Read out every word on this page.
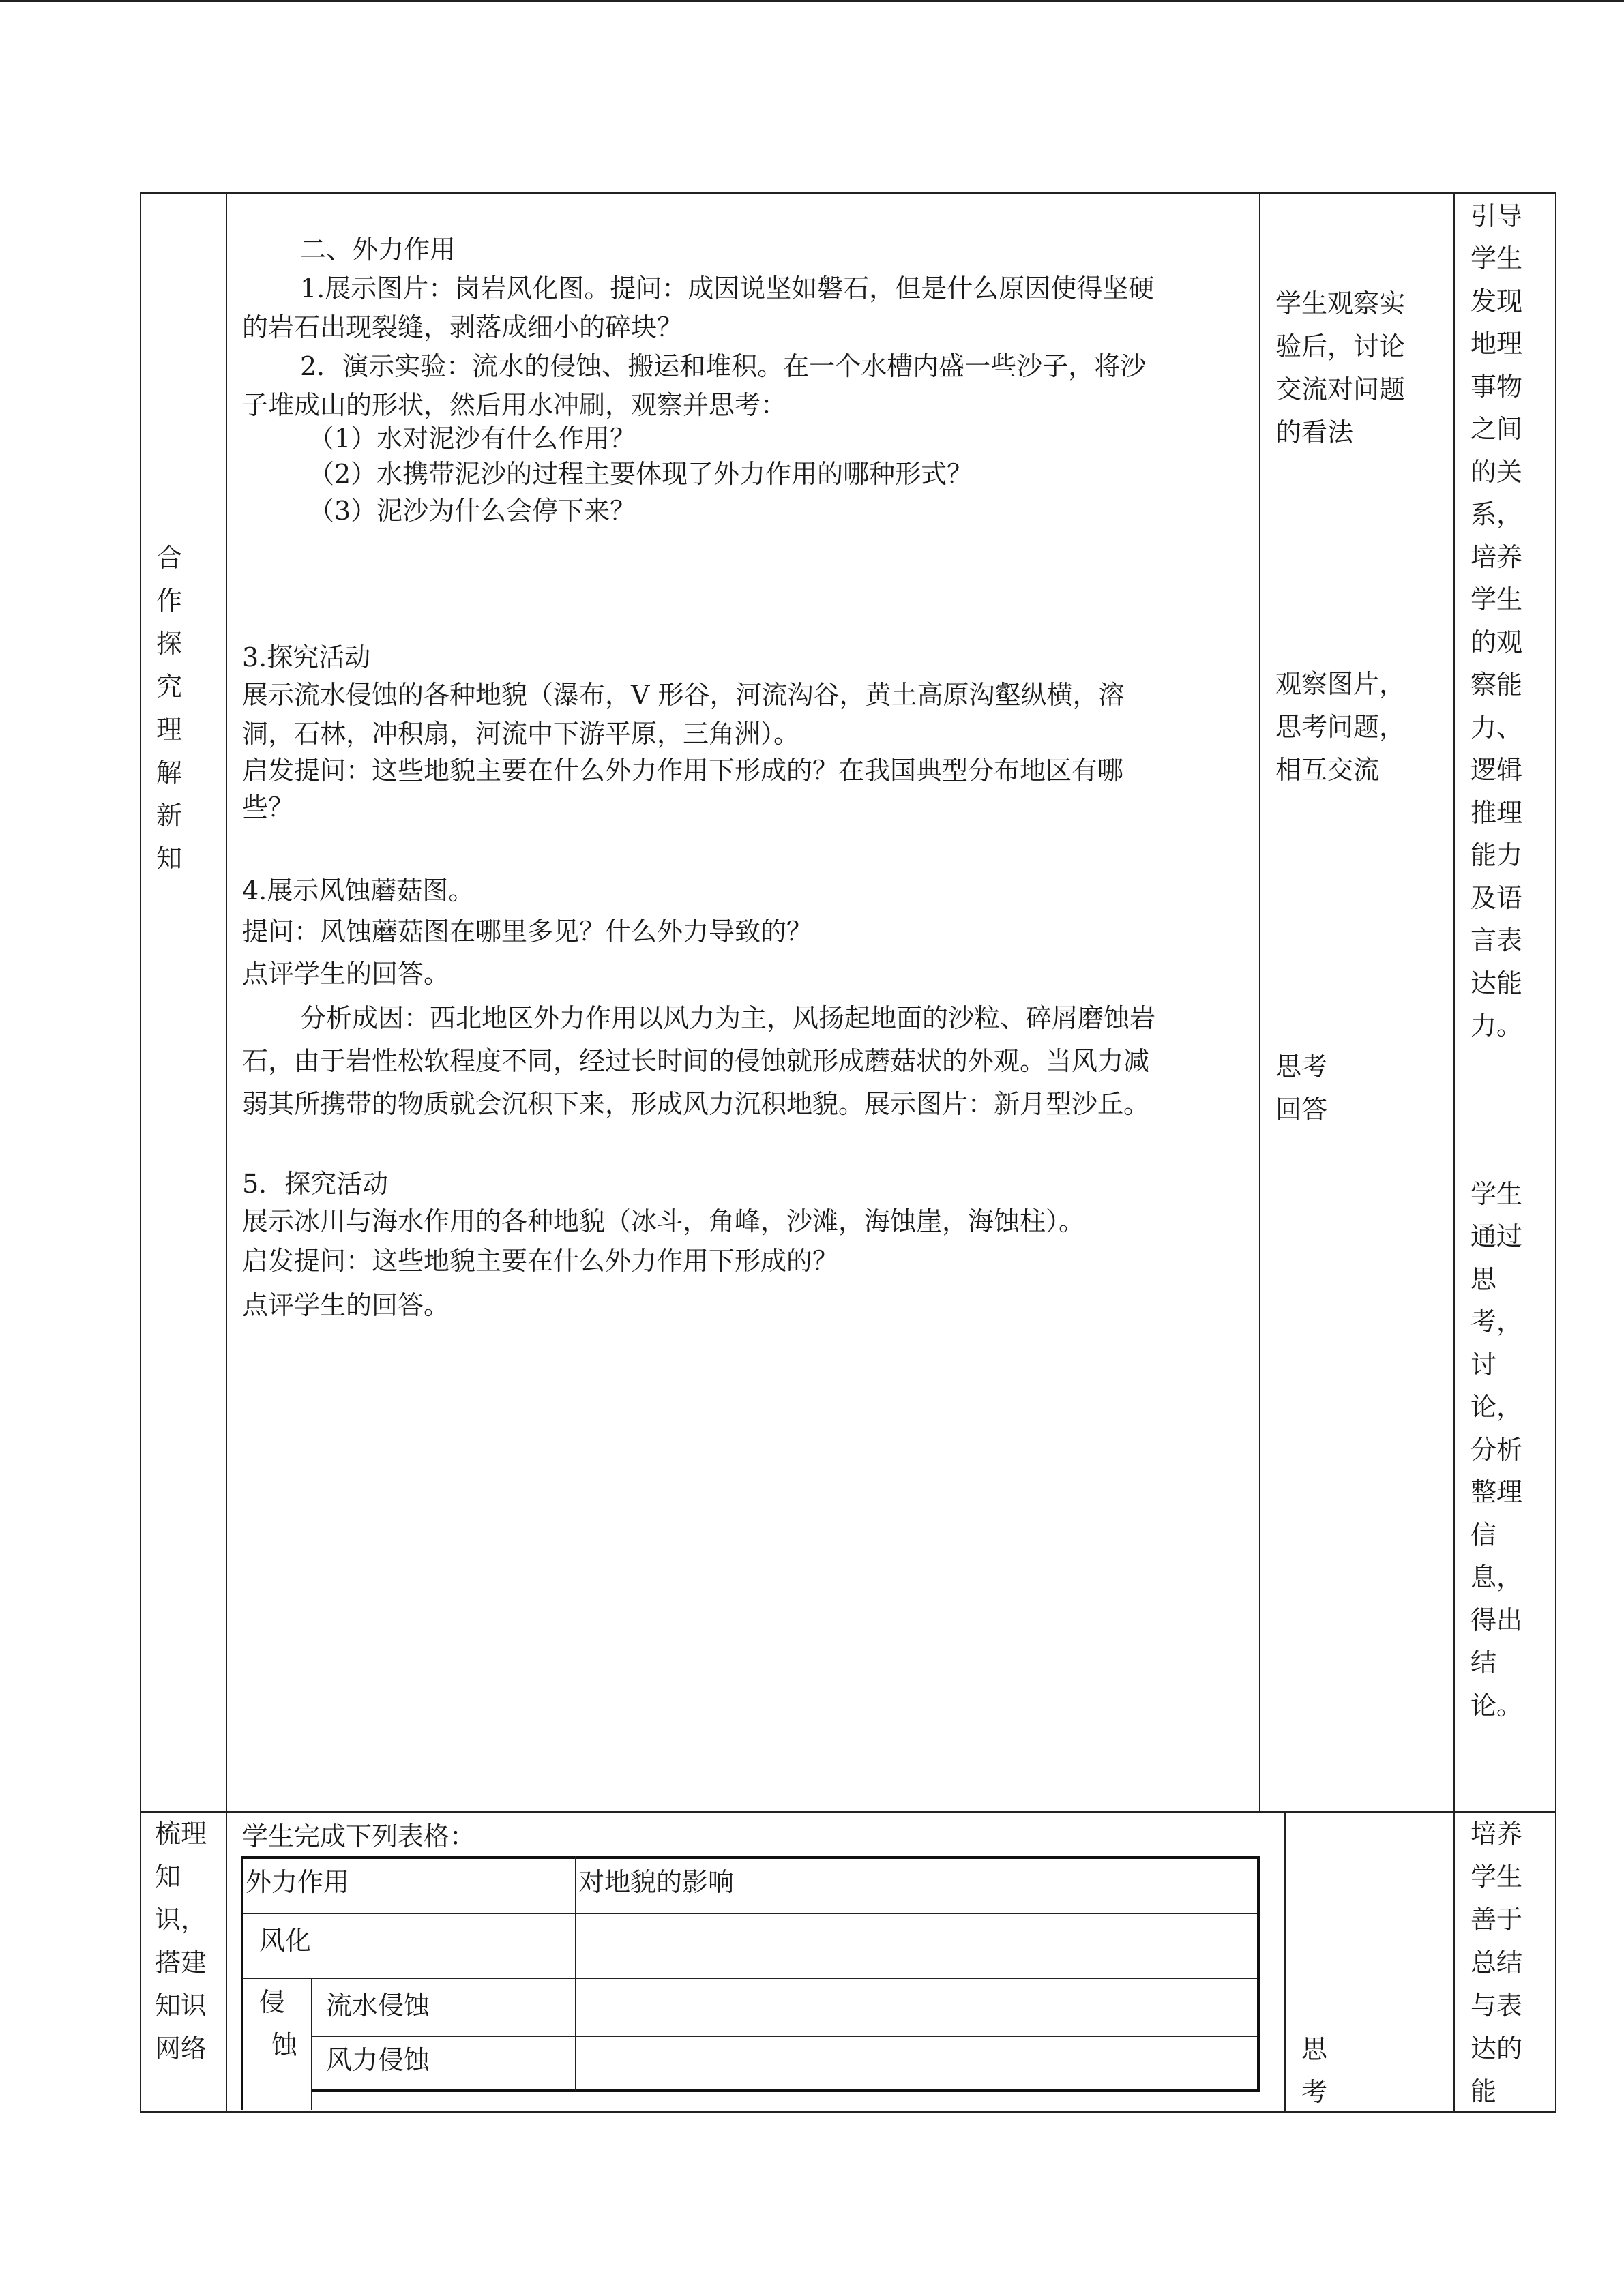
合
作
探
究
理
解
新
知
二、外力作用
1.展示图片：岗岩风化图。提问：成因说坚如磐石，但是什么原因使得坚硬
的岩石出现裂缝，剥落成细小的碎块？
2．演示实验：流水的侵蚀、搬运和堆积。在一个水槽内盛一些沙子，将沙
子堆成山的形状，然后用水冲刷，观察并思考：
（1）水对泥沙有什么作用？
（2）水携带泥沙的过程主要体现了外力作用的哪种形式？
（3）泥沙为什么会停下来？
3.探究活动
展示流水侵蚀的各种地貌（瀑布，V 形谷，河流沟谷，黄土高原沟壑纵横，溶
洞，石林，冲积扇，河流中下游平原，三角洲）。
启发提问：这些地貌主要在什么外力作用下形成的？在我国典型分布地区有哪
些？
4.展示风蚀蘑菇图。
提问：风蚀蘑菇图在哪里多见？什么外力导致的？
点评学生的回答。
分析成因：西北地区外力作用以风力为主，风扬起地面的沙粒、碎屑磨蚀岩
石，由于岩性松软程度不同，经过长时间的侵蚀就形成蘑菇状的外观。当风力减
弱其所携带的物质就会沉积下来，形成风力沉积地貌。展示图片：新月型沙丘。
5．探究活动
展示冰川与海水作用的各种地貌（冰斗，角峰，沙滩，海蚀崖，海蚀柱）。
启发提问：这些地貌主要在什么外力作用下形成的？
点评学生的回答。
学生观察实
验后，讨论
交流对问题
的看法
观察图片，
思考问题，
相互交流
思考
回答
引导
学生
发现
地理
事物
之间
的关
系，
培养
学生
的观
察能
力、
逻辑
推理
能力
及语
言表
达能
力。
学生
通过
思
考，
讨
论，
分析
整理
信
息，
得出
结
论。
梳理
知
识，
搭建
知识
网络
学生完成下列表格：
外力作用	对地貌的影响
风化
侵
蚀
流水侵蚀
风力侵蚀	思
考
培养
学生
善于
总结
与表
达的
能
